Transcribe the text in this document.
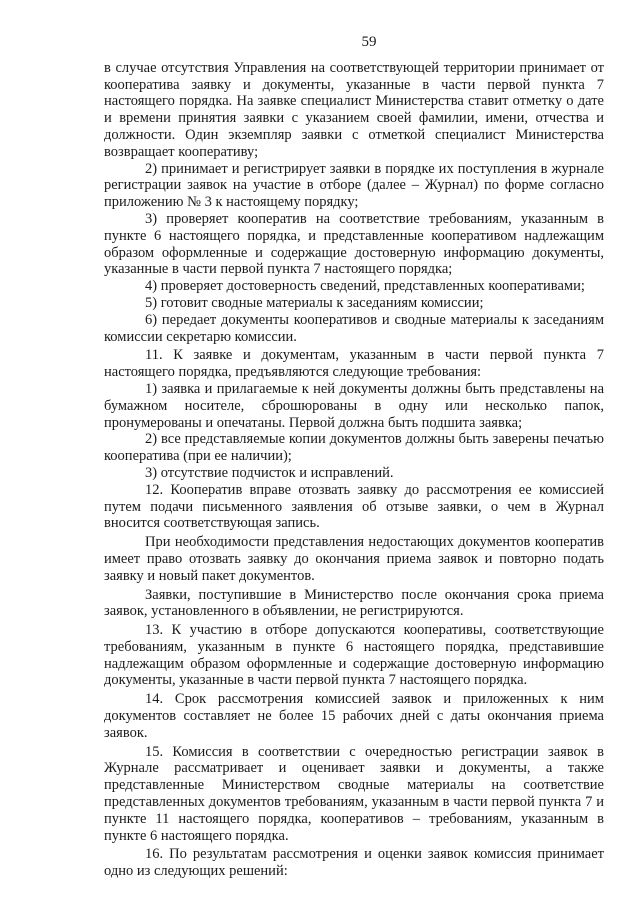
59

в случае отсутствия Управления на соответствующей территории принимает от кооператива заявку и документы, указанные в части первой пункта 7 настоящего порядка. На заявке специалист Министерства ставит отметку о дате и времени принятия заявки с указанием своей фамилии, имени, отчества и должности. Один экземпляр заявки с отметкой специалист Министерства возвращает кооперативу;

2) принимает и регистрирует заявки в порядке их поступления в журнале регистрации заявок на участие в отборе (далее – Журнал) по форме согласно приложению № 3 к настоящему порядку;

3) проверяет кооператив на соответствие требованиям, указанным в пункте 6 настоящего порядка, и представленные кооперативом надлежащим образом оформленные и содержащие достоверную информацию документы, указанные в части первой пункта 7 настоящего порядка;

4) проверяет достоверность сведений, представленных кооперативами;

5) готовит сводные материалы к заседаниям комиссии;

6) передает документы кооперативов и сводные материалы к заседаниям комиссии секретарю комиссии.

11. К заявке и документам, указанным в части первой пункта 7 настоящего порядка, предъявляются следующие требования:

1) заявка и прилагаемые к ней документы должны быть представлены на бумажном носителе, сброшюрованы в одну или несколько папок, пронумерованы и опечатаны. Первой должна быть подшита заявка;

2) все представляемые копии документов должны быть заверены печатью кооператива (при ее наличии);

3) отсутствие подчисток и исправлений.

12. Кооператив вправе отозвать заявку до рассмотрения ее комиссией путем подачи письменного заявления об отзыве заявки, о чем в Журнал вносится соответствующая запись.

При необходимости представления недостающих документов кооператив имеет право отозвать заявку до окончания приема заявок и повторно подать заявку и новый пакет документов.

Заявки, поступившие в Министерство после окончания срока приема заявок, установленного в объявлении, не регистрируются.

13. К участию в отборе допускаются кооперативы, соответствующие требованиям, указанным в пункте 6 настоящего порядка, представившие надлежащим образом оформленные и содержащие достоверную информацию документы, указанные в части первой пункта 7 настоящего порядка.

14. Срок рассмотрения комиссией заявок и приложенных к ним документов составляет не более 15 рабочих дней с даты окончания приема заявок.

15. Комиссия в соответствии с очередностью регистрации заявок в Журнале рассматривает и оценивает заявки и документы, а также представленные Министерством сводные материалы на соответствие представленных документов требованиям, указанным в части первой пункта 7 и пункте 11 настоящего порядка, кооперативов – требованиям, указанным в пункте 6 настоящего порядка.

16. По результатам рассмотрения и оценки заявок комиссия принимает одно из следующих решений:
